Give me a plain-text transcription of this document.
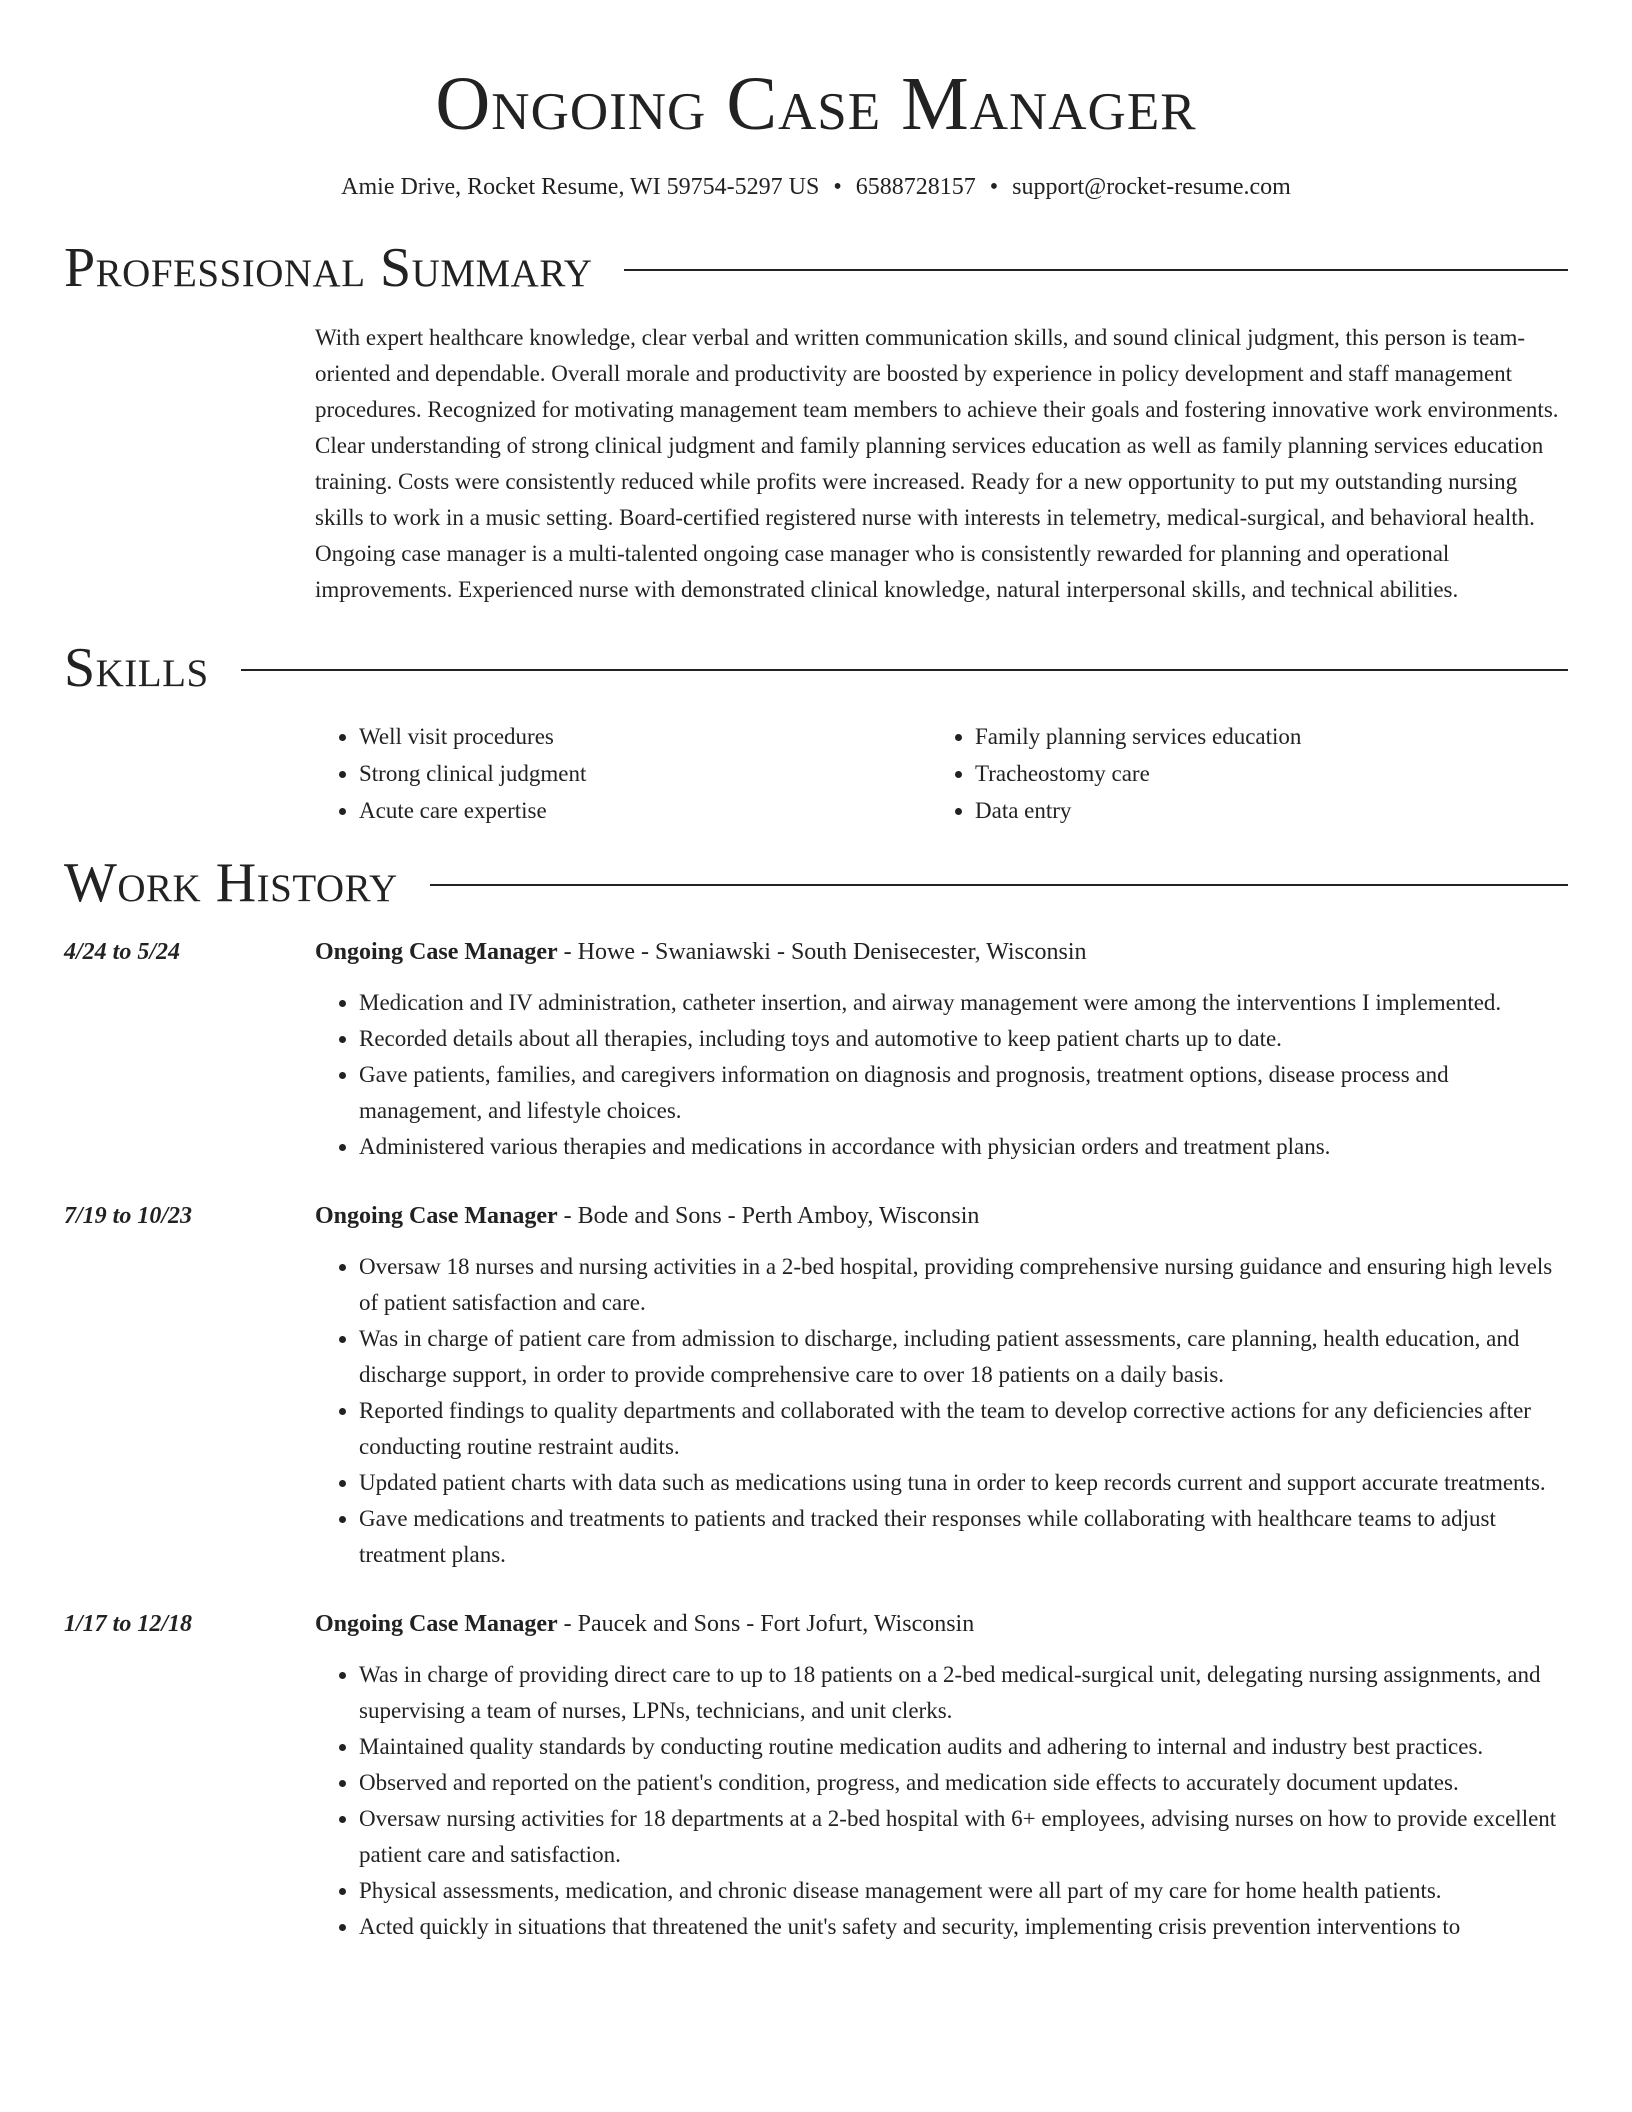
Ongoing Case Manager
Amie Drive, Rocket Resume, WI 59754-5297 US • 6588728157 • support@rocket-resume.com
Professional Summary

With expert healthcare knowledge, clear verbal and written communication skills, and sound clinical judgment, this person is team-oriented and dependable. Overall morale and productivity are boosted by experience in policy development and staff management procedures. Recognized for motivating management team members to achieve their goals and fostering innovative work environments. Clear understanding of strong clinical judgment and family planning services education as well as family planning services education training. Costs were consistently reduced while profits were increased. Ready for a new opportunity to put my outstanding nursing skills to work in a music setting. Board-certified registered nurse with interests in telemetry, medical-surgical, and behavioral health. Ongoing case manager is a multi-talented ongoing case manager who is consistently rewarded for planning and operational improvements. Experienced nurse with demonstrated clinical knowledge, natural interpersonal skills, and technical abilities.

Skills
• Well visit procedures
• Strong clinical judgment
• Acute care expertise
• Family planning services education
• Tracheostomy care
• Data entry
Work History
4/24 to 5/24	Ongoing Case Manager - Howe - Swaniawski - South Denisecester, Wisconsin
• Medication and IV administration, catheter insertion, and airway management were among the interventions I implemented.
• Recorded details about all therapies, including toys and automotive to keep patient charts up to date.
• Gave patients, families, and caregivers information on diagnosis and prognosis, treatment options, disease process and management, and lifestyle choices.
• Administered various therapies and medications in accordance with physician orders and treatment plans.
7/19 to 10/23	Ongoing Case Manager - Bode and Sons - Perth Amboy, Wisconsin
• Oversaw 18 nurses and nursing activities in a 2-bed hospital, providing comprehensive nursing guidance and ensuring high levels of patient satisfaction and care.
• Was in charge of patient care from admission to discharge, including patient assessments, care planning, health education, and discharge support, in order to provide comprehensive care to over 18 patients on a daily basis.
• Reported findings to quality departments and collaborated with the team to develop corrective actions for any deficiencies after conducting routine restraint audits.
• Updated patient charts with data such as medications using tuna in order to keep records current and support accurate treatments.
• Gave medications and treatments to patients and tracked their responses while collaborating with healthcare teams to adjust treatment plans.
1/17 to 12/18	Ongoing Case Manager - Paucek and Sons - Fort Jofurt, Wisconsin
• Was in charge of providing direct care to up to 18 patients on a 2-bed medical-surgical unit, delegating nursing assignments, and supervising a team of nurses, LPNs, technicians, and unit clerks.
• Maintained quality standards by conducting routine medication audits and adhering to internal and industry best practices.
• Observed and reported on the patient's condition, progress, and medication side effects to accurately document updates.
• Oversaw nursing activities for 18 departments at a 2-bed hospital with 6+ employees, advising nurses on how to provide excellent patient care and satisfaction.
• Physical assessments, medication, and chronic disease management were all part of my care for home health patients.
• Acted quickly in situations that threatened the unit's safety and security, implementing crisis prevention interventions to
